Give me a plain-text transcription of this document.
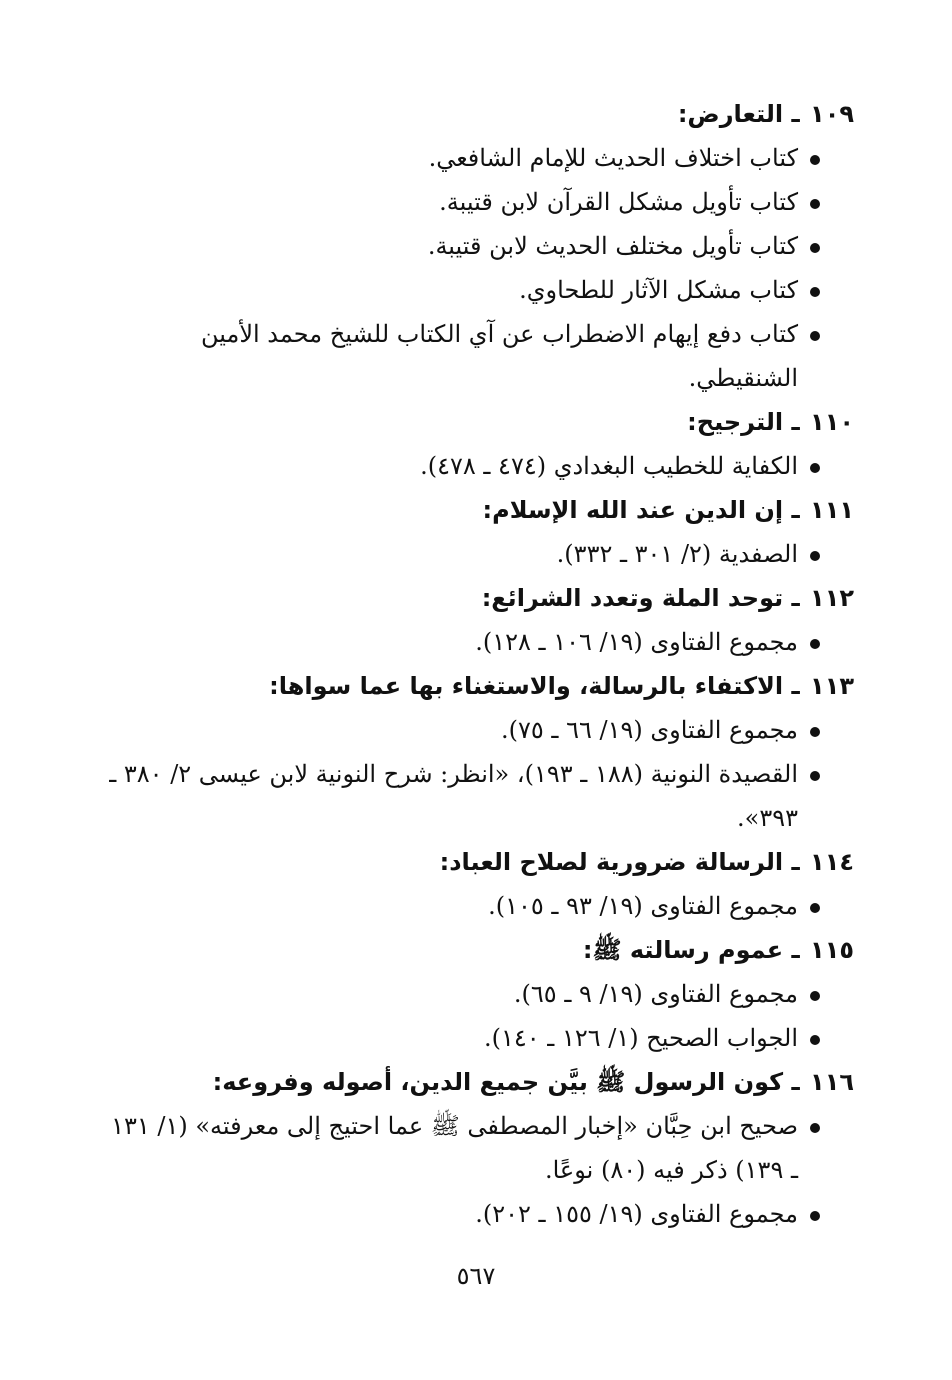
١٠٩ ـ التعارض:
كتاب اختلاف الحديث للإمام الشافعي.
كتاب تأويل مشكل القرآن لابن قتيبة.
كتاب تأويل مختلف الحديث لابن قتيبة.
كتاب مشكل الآثار للطحاوي.
كتاب دفع إيهام الاضطراب عن آي الكتاب للشيخ محمد الأمين الشنقيطي.
١١٠ ـ الترجيح:
الكفاية للخطيب البغدادي (٤٧٤ ـ ٤٧٨).
١١١ ـ إن الدين عند الله الإسلام:
الصفدية (٢/ ٣٠١ ـ ٣٣٢).
١١٢ ـ توحد الملة وتعدد الشرائع:
مجموع الفتاوى (١٩/ ١٠٦ ـ ١٢٨).
١١٣ ـ الاكتفاء بالرسالة، والاستغناء بها عما سواها:
مجموع الفتاوى (١٩/ ٦٦ ـ ٧٥).
القصيدة النونية (١٨٨ ـ ١٩٣)، «انظر: شرح النونية لابن عيسى ٢/ ٣٨٠ ـ ٣٩٣».
١١٤ ـ الرسالة ضرورية لصلاح العباد:
مجموع الفتاوى (١٩/ ٩٣ ـ ١٠٥).
١١٥ ـ عموم رسالته ﷺ:
مجموع الفتاوى (١٩/ ٩ ـ ٦٥).
الجواب الصحيح (١/ ١٢٦ ـ ١٤٠).
١١٦ ـ كون الرسول ﷺ بيَّن جميع الدين، أصوله وفروعه:
صحيح ابن حِبَّان «إخبار المصطفى ﷺ عما احتيج إلى معرفته» (١/ ١٣١ ـ ١٣٩) ذكر فيه (٨٠) نوعًا.
مجموع الفتاوى (١٩/ ١٥٥ ـ ٢٠٢).
٥٦٧
